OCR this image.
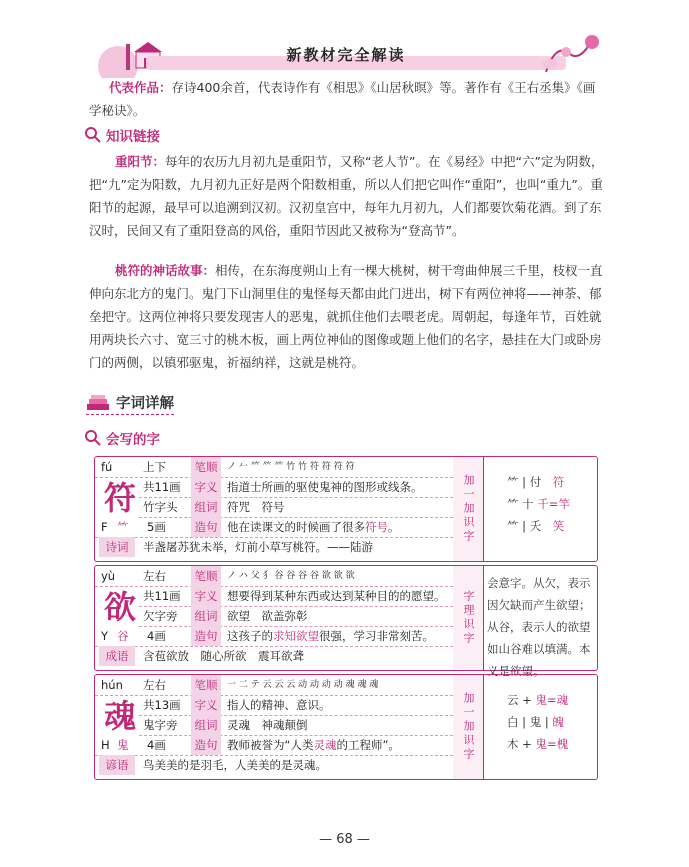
新教材完全解读
代表作品：存诗400余首，代表诗作有《相思》《山居秋暝》等。著作有《王右丞集》《画学秘诀》。
知识链接
重阳节：每年的农历九月初九是重阳节，又称“老人节”。在《易经》中把“六”定为阴数，把“九”定为阳数，九月初九正好是两个阳数相重，所以人们把它叫作“重阳”，也叫“重九”。重阳节的起源，最早可以追溯到汉初。汉初皇宫中，每年九月初九，人们都要饮菊花酒。到了东汉时，民间又有了重阳登高的风俗，重阳节因此又被称为“登高节”。
桃符的神话故事：相传，在东海度朔山上有一棵大桃树，树干弯曲伸展三千里，枝杈一直伸向东北方的鬼门。鬼门下山洞里住的鬼怪每天都由此门进出，树下有两位神将——神荼、郁垒把守。这两位神将只要发现害人的恶鬼，就抓住他们去喂老虎。周朝起，每逢年节，百姓就用两块长六寸、宽三寸的桃木板，画上两位神仙的图像或题上他们的名字，悬挂在大门或卧房门的两侧，以镇邪驱鬼，祈福纳祥，这就是桃符。
字词详解
会写的字
fú	上下	笔顺	ノ 𠂉 ⺮ ⺮ ⺮ 竹 竹 符 符 符 符
符 共11画	字义 指道士所画的驱使鬼神的图形或线条。
竹字头	组词 符咒　符号
F ⺮ 5画	造句 他在读课文的时候画了很多符号。
诗词	半盏屠苏犹未举，灯前小草写桃符。——陆游
加一加识字	⺮ | 付　 符
⺮ 十 千=竿
⺮ | 夭　 笑
yù 左右	笔顺	ノ ハ 父 犭 谷 谷 谷 谷 欲 欲 欲
欲 共11画	字义 想要得到某种东西或达到某种目的的愿望。
欠字旁	组词 欲望　欲盖弥彰
Y 谷 4画	造句 这孩子的求知欲望很强，学习非常刻苦。
成语	含苞欲放　随心所欲　震耳欲聋
字理识字
会意字。从欠，表示因欠缺而产生欲望；从谷，表示人的欲望如山谷难以填满。本义是欲望。
hún 左右	笔顺	一 二 テ 云 云 云 动 动 动 动 魂 魂 魂
魂 共13画	字义 指人的精神、意识。
鬼字旁	组词 灵魂　神魂颠倒
H 鬼 4画	造句 教师被誉为“人类灵魂的工程师”。
谚语	鸟美美的是羽毛，人美美的是灵魂。
加一加识字	云 + 鬼=魂
白 | 鬼 | 魄
木 + 鬼=槐
— 68 —
